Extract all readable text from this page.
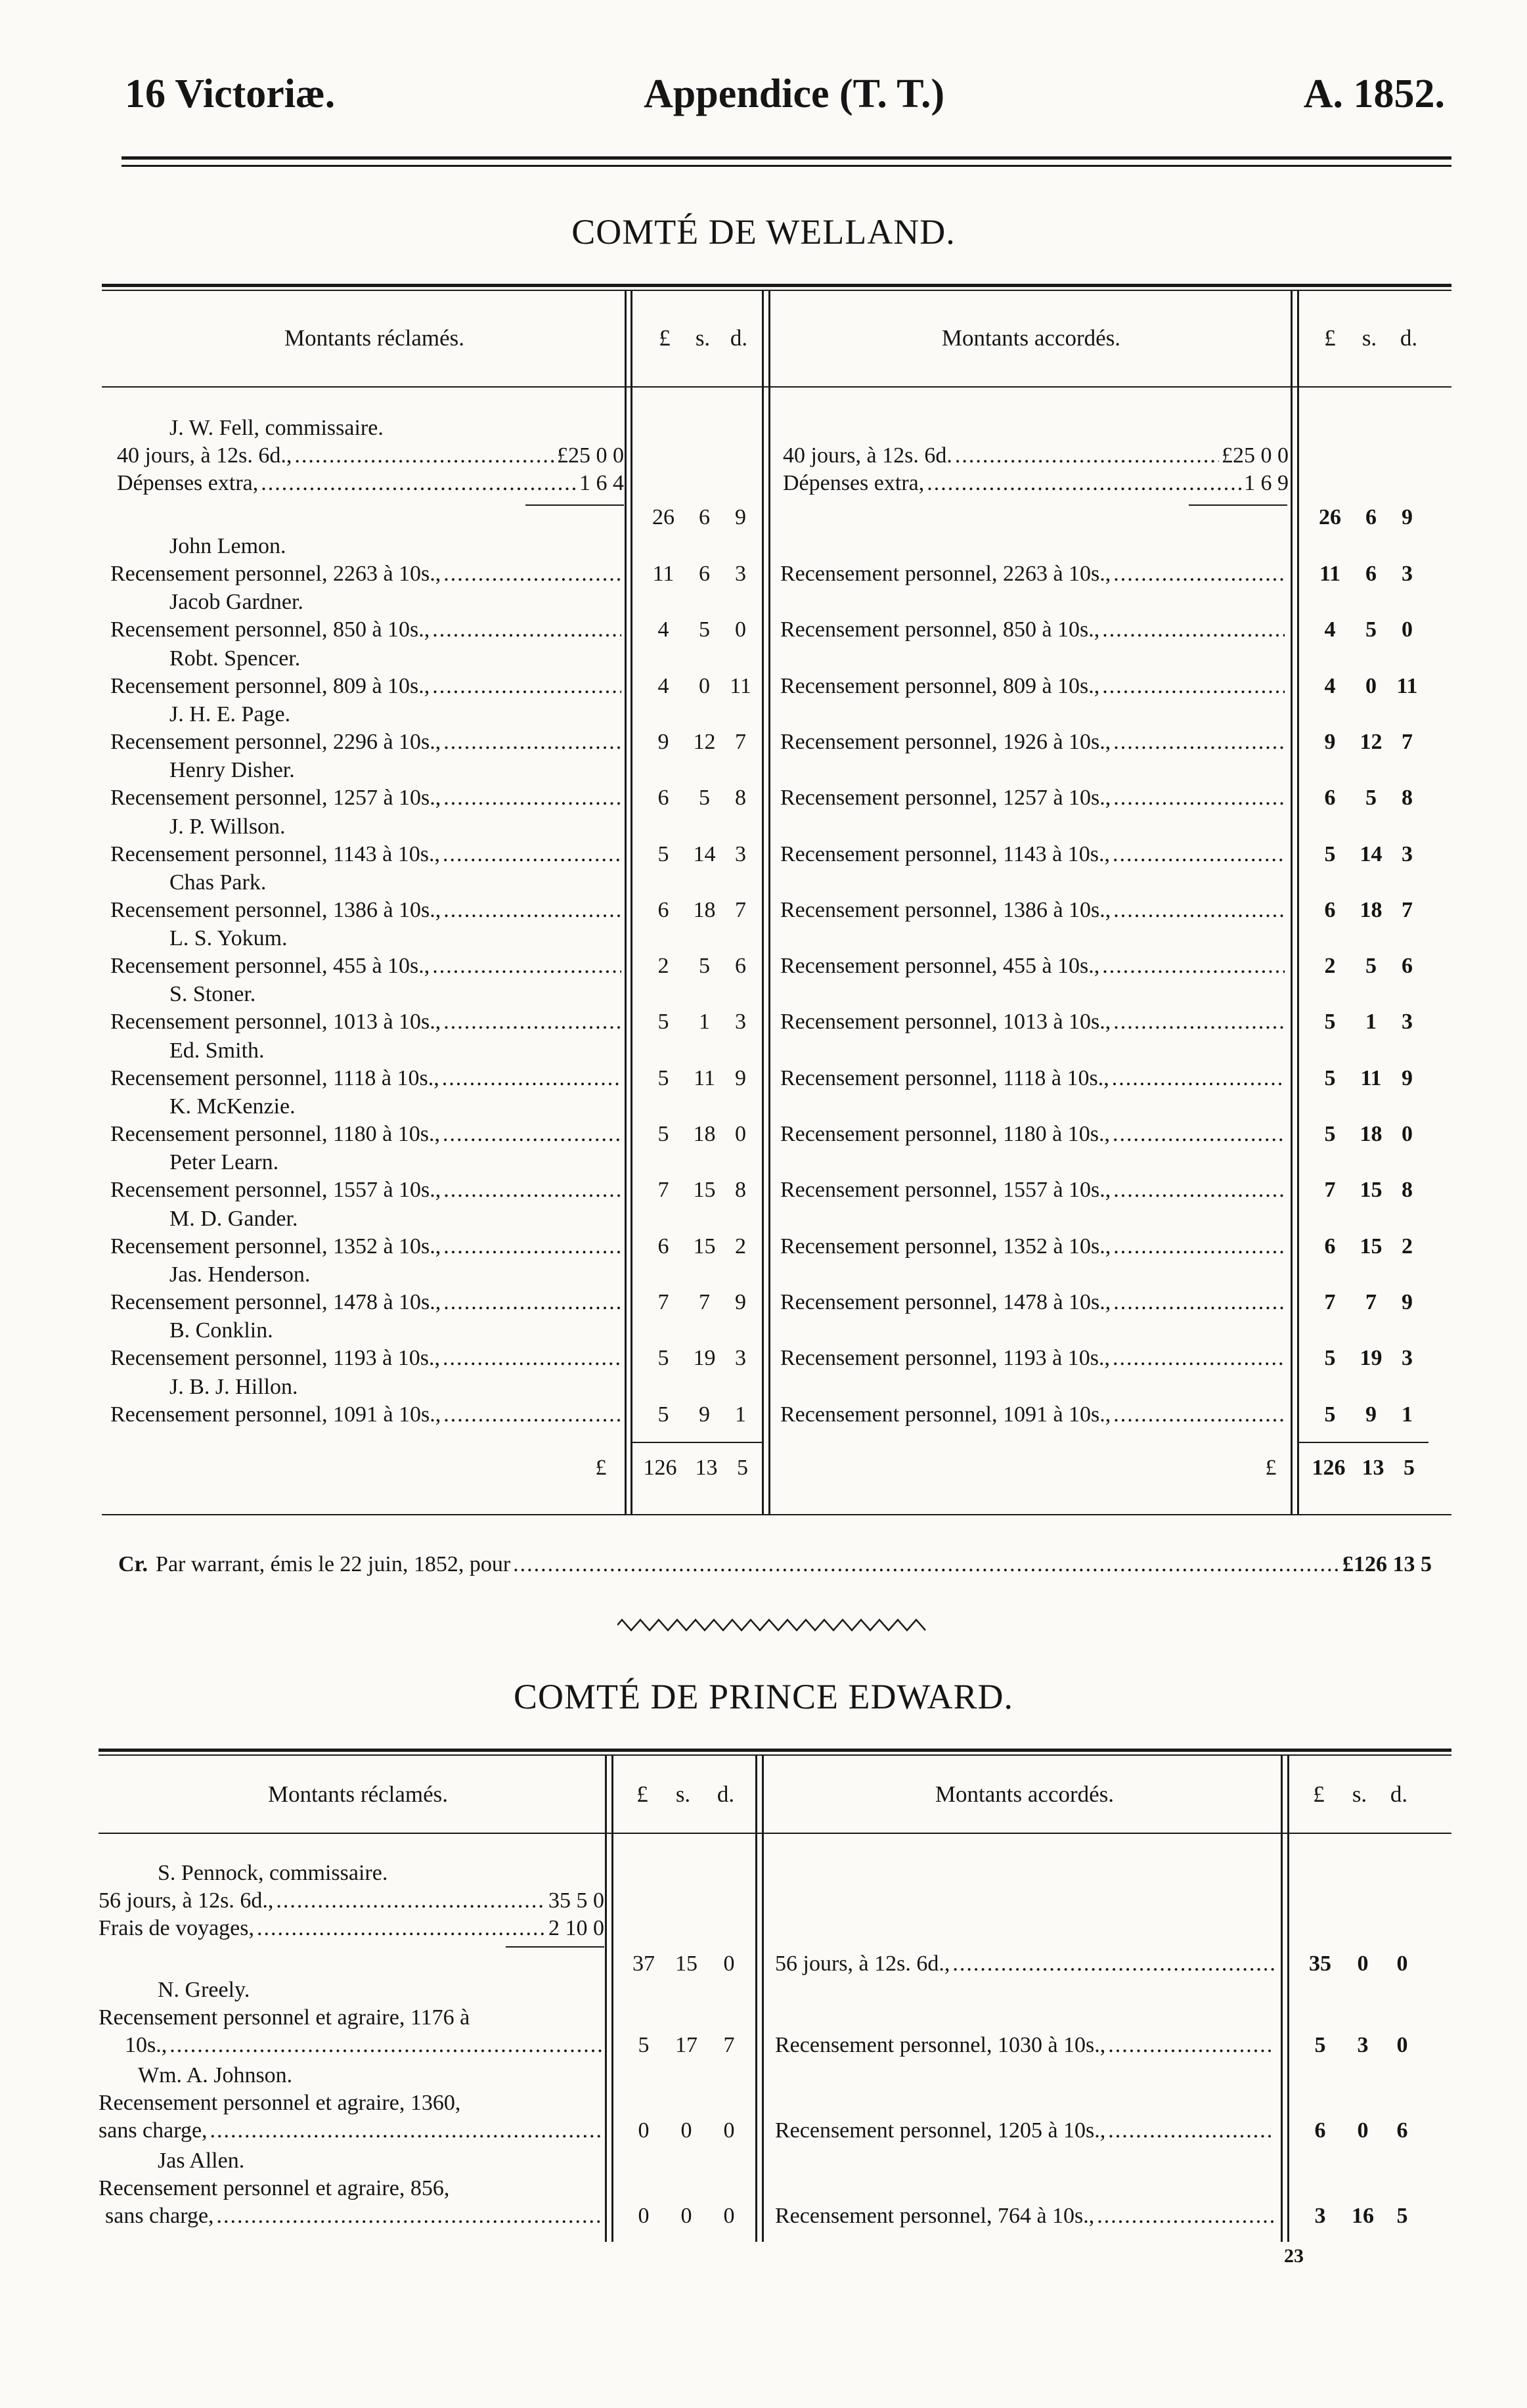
16 Victoriæ.	Appendice (T. T.)	A. 1852.
COMTÉ DE WELLAND.
Montants réclamés.	£	s. d.	Montants accordés.	£	s.	d.
J. W. Fell, commissaire.
40 jours, à 12s. 6d., .....	£25 0 0
Dépenses extra, .....	1 6 4
40 jours, à 12s. 6d. .....	£25 0 0
Dépenses extra, .....	1 6 9
26	6	9	26	6	9
John Lemon.
Recensement personnel, 2263 à 10s., .....	11	6	3	Recensement personnel, 2263 à 10s., .....	11	6	3
Jacob Gardner.
Recensement personnel, 850 à 10s., .....	4	5	0	Recensement personnel, 850 à 10s., .....	4	5	0
Robt. Spencer.
Recensement personnel, 809 à 10s., .....	4	0 11	Recensement personnel, 809 à 10s., .....	4	0 11
J. H. E. Page.
Recensement personnel, 2296 à 10s., .....	9	12 7	Recensement personnel, 1926 à 10s., .....	9	12 7
Henry Disher.
Recensement personnel, 1257 à 10s., .....	6	5	8	Recensement personnel, 1257 à 10s., .....	6	5	8
J. P. Willson.
Recensement personnel, 1143 à 10s., .....	5	14 3	Recensement personnel, 1143 à 10s., .....	5	14 3
Chas Park.
Recensement personnel, 1386 à 10s., .....	6	18 7	Recensement personnel, 1386 à 10s., .....	6	18 7
L. S. Yokum.
Recensement personnel, 455 à 10s., .....	2	5	6	Recensement personnel, 455 à 10s., .....	2	5	6
S. Stoner.
Recensement personnel, 1013 à 10s., .....	5	1	3	Recensement personnel, 1013 à 10s., .....	5	1	3
Ed. Smith.
Recensement personnel, 1118 à 10s., .....	5	11 9	Recensement personnel, 1118 à 10s., .....	5	11 9
K. McKenzie.
Recensement personnel, 1180 à 10s., .....	5	18 0	Recensement personnel, 1180 à 10s., .....	5	18 0
Peter Learn.
Recensement personnel, 1557 à 10s., .....	7	15 8	Recensement personnel, 1557 à 10s., .....	7	15 8
M. D. Gander.
Recensement personnel, 1352 à 10s., .....	6	15 2	Recensement personnel, 1352 à 10s., .....	6	15 2
Jas. Henderson.
Recensement personnel, 1478 à 10s., .....	7	7	9	Recensement personnel, 1478 à 10s., .....	7	7	9
B. Conklin.
Recensement personnel, 1193 à 10s., .....	5	19 3	Recensement personnel, 1193 à 10s., .....	5	19 3
J. B. J. Hillon.
Recensement personnel, 1091 à 10s., .....	5	9	1	Recensement personnel, 1091 à 10s., .....	5	9	1
£	126 13 5	£	126 13 5
Cr. Par warrant, émis le 22 juin, 1852, pour .....	£126 13 5
COMTÉ DE PRINCE EDWARD.
Montants réclamés.	£	s.	d.	Montants accordés.	£	s.	d.
S. Pennock, commissaire.
56 jours, à 12s. 6d., .....	35 5 0
Frais de voyages, .....	2 10 0
37 15	0	56 jours, à 12s. 6d., .....	35	0	0
N. Greely.
Recensement personnel et agraire, 1176 à
10s., .....	5	17	7	Recensement personnel, 1030 à 10s., .....	5	3	0
Wm. A. Johnson.
Recensement personnel et agraire, 1360,
sans charge, .....	0	0	0	Recensement personnel, 1205 à 10s., .....	6	0	6
Jas Allen.
Recensement personnel et agraire, 856,
sans charge, .....	0	0	0	Recensement personnel, 764 à 10s., .....	3	16	5
23
